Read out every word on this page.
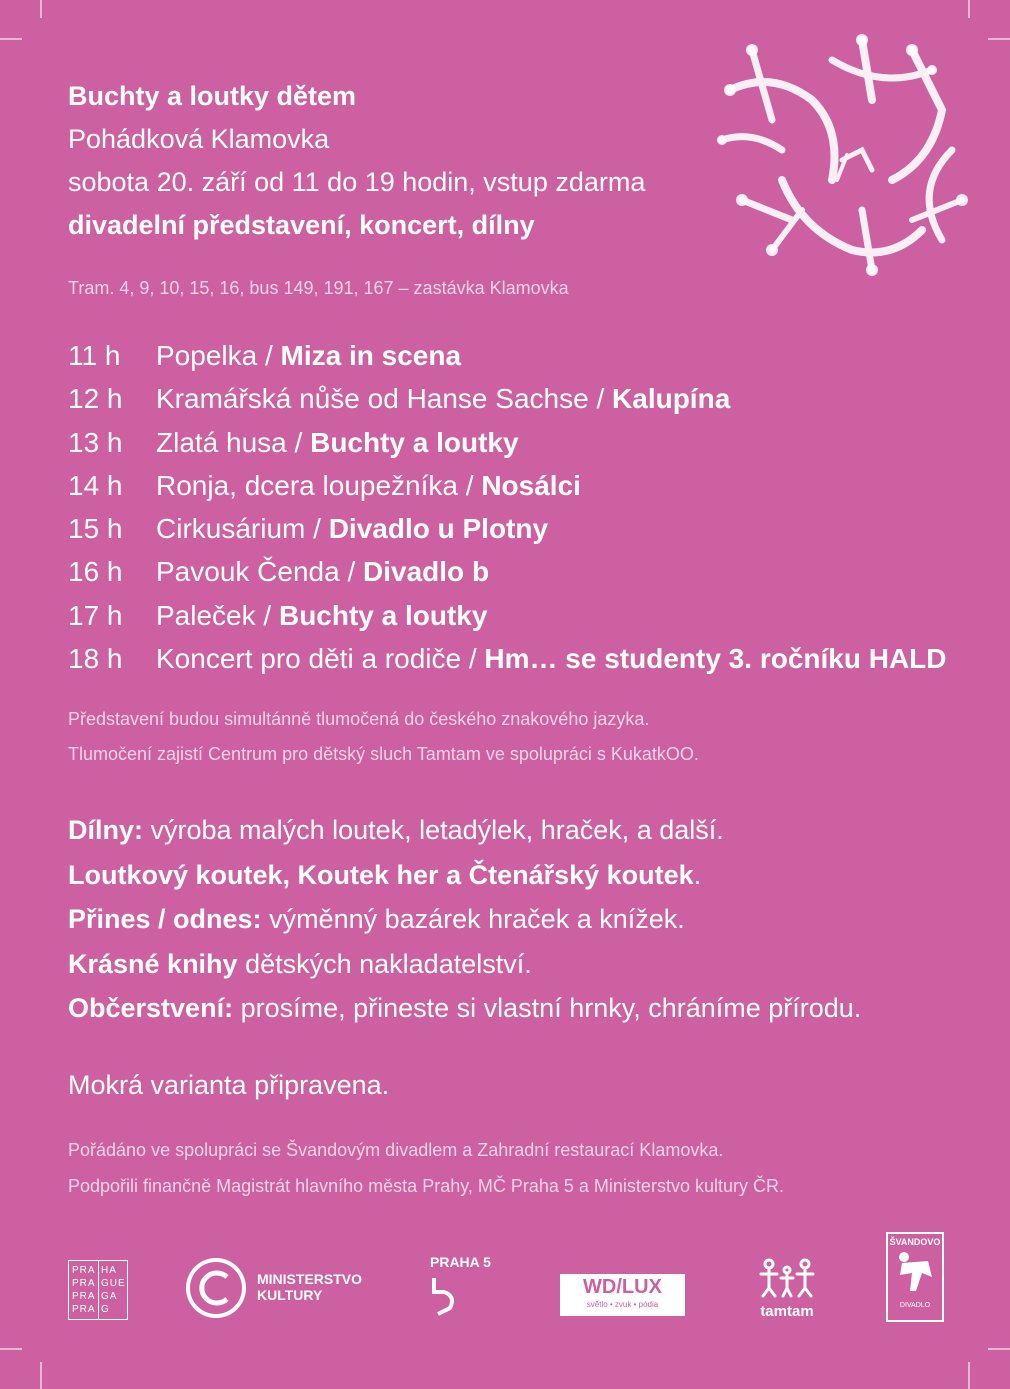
Buchty a loutky dětem
Pohádková Klamovka
sobota 20. září od 11 do 19 hodin, vstup zdarma
divadelní představení, koncert, dílny
Tram. 4, 9, 10, 15, 16, bus 149, 191, 167 – zastávka Klamovka
11 h	Popelka / Miza in scena
12 h	Kramářská nůše od Hanse Sachse / Kalupína
13 h	Zlatá husa / Buchty a loutky
14 h	Ronja, dcera loupežníka / Nosálci
15 h	Cirkusárium / Divadlo u Plotny
16 h	Pavouk Čenda / Divadlo b
17 h	Paleček / Buchty a loutky
18 h	Koncert pro děti a rodiče / Hm… se studenty 3. ročníku HALD
Představení budou simultánně tlumočená do českého znakového jazyka.
Tlumočení zajistí Centrum pro dětský sluch Tamtam ve spolupráci s KukatkOO.
Dílny: výroba malých loutek, letadýlek, hraček, a další.
Loutkový koutek, Koutek her a Čtenářský koutek.
Přines / odnes: výměnný bazárek hraček a knížek.
Krásné knihy dětských nakladatelství.
Občerstvení: prosíme, přineste si vlastní hrnky, chráníme přírodu.
Mokrá varianta připravena.
Pořádáno ve spolupráci se Švandovým divadlem a Zahradní restaurací Klamovka.
Podpořili finančně Magistrát hlavního města Prahy, MČ Praha 5 a Ministerstvo kultury ČR.
PRA
PRA
PRA
PRA
HA
GUE
GA
G
MINISTERSTVO
KULTURY
PRAHA 5
WD/LUX
světlo • zvuk • pódia	tamtam
ŠVANDOVO
DIVADLO
